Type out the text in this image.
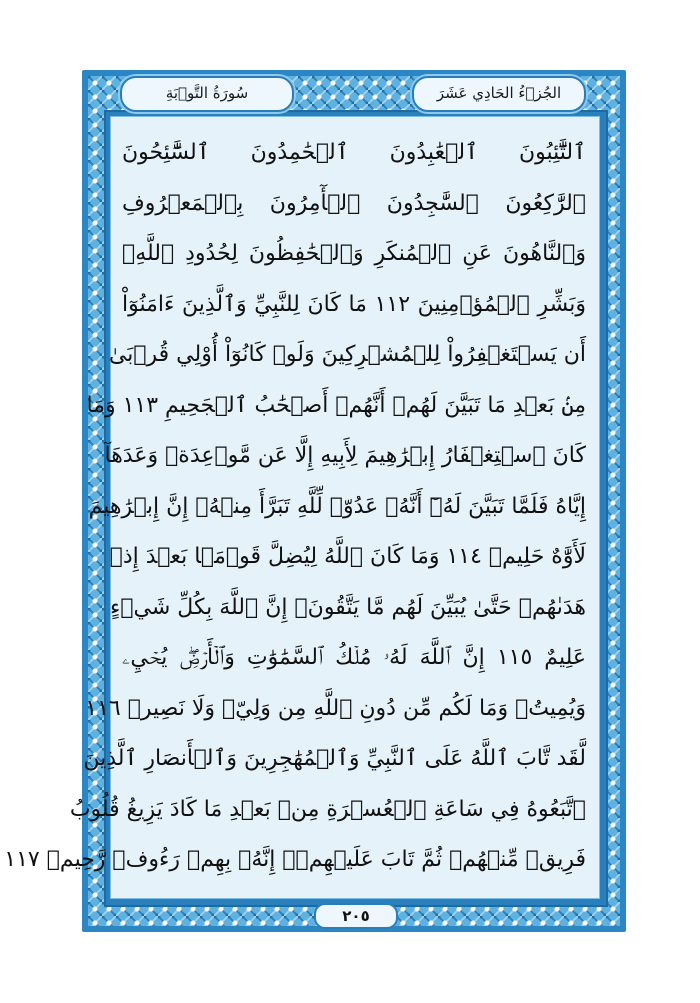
سُورَةُ التَّوۡبَةِ	الجُزۡءُ الحَادِي عَشَرَ
ٱلتَّٰٓئِبُونَ ٱلۡعَٰبِدُونَ ٱلۡحَٰمِدُونَ ٱلسَّٰٓئِحُونَ
ٱلرَّٰكِعُونَ ٱلسَّٰجِدُونَ ٱلۡأٓمِرُونَ بِٱلۡمَعۡرُوفِ
وَٱلنَّاهُونَ عَنِ ٱلۡمُنكَرِ وَٱلۡحَٰفِظُونَ لِحُدُودِ ٱللَّهِۗ
وَبَشِّرِ ٱلۡمُؤۡمِنِينَ ١١٢ مَا كَانَ لِلنَّبِيِّ وَٱلَّذِينَ ءَامَنُوٓاْ
أَن يَسۡتَغۡفِرُواْ لِلۡمُشۡرِكِينَ وَلَوۡ كَانُوٓاْ أُوْلِي قُرۡبَىٰ
مِنۢ بَعۡدِ مَا تَبَيَّنَ لَهُمۡ أَنَّهُمۡ أَصۡحَٰبُ ٱلۡجَحِيمِ ١١٣ وَمَا
كَانَ ٱسۡتِغۡفَارُ إِبۡرَٰهِيمَ لِأَبِيهِ إِلَّا عَن مَّوۡعِدَةٖ وَعَدَهَآ
إِيَّاهُ فَلَمَّا تَبَيَّنَ لَهُۥٓ أَنَّهُۥ عَدُوّٞ لِّلَّهِ تَبَرَّأَ مِنۡهُۚ إِنَّ إِبۡرَٰهِيمَ
لَأَوَّٰهٌ حَلِيمٞ ١١٤ وَمَا كَانَ ٱللَّهُ لِيُضِلَّ قَوۡمَۢا بَعۡدَ إِذۡ
هَدَىٰهُمۡ حَتَّىٰ يُبَيِّنَ لَهُم مَّا يَتَّقُونَۚ إِنَّ ٱللَّهَ بِكُلِّ شَيۡءٍ
عَلِيمٌ ١١٥ إِنَّ ٱللَّهَ لَهُۥ مُلۡكُ ٱلسَّمَٰوَٰتِ وَٱلۡأَرۡضِۖ يُحۡيِۦ
وَيُمِيتُۚ وَمَا لَكُم مِّن دُونِ ٱللَّهِ مِن وَلِيّٖ وَلَا نَصِيرٖ ١١٦
لَّقَد تَّابَ ٱللَّهُ عَلَى ٱلنَّبِيِّ وَٱلۡمُهَٰجِرِينَ وَٱلۡأَنصَارِ ٱلَّذِينَ
ٱتَّبَعُوهُ فِي سَاعَةِ ٱلۡعُسۡرَةِ مِنۢ بَعۡدِ مَا كَادَ يَزِيغُ قُلُوبُ
فَرِيقٖ مِّنۡهُمۡ ثُمَّ تَابَ عَلَيۡهِمۡۚ إِنَّهُۥ بِهِمۡ رَءُوفٞ رَّحِيمٞ ١١٧
٢٠٥
